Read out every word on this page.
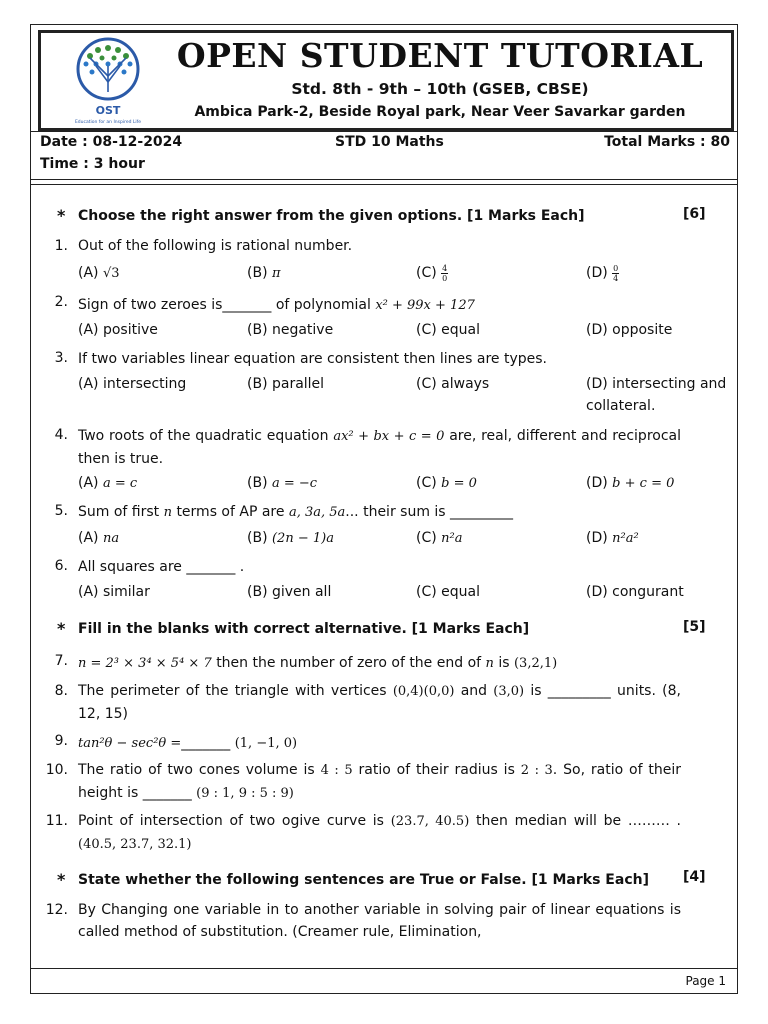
OST
Education for an Inspired Life
OPEN STUDENT TUTORIAL
Std. 8th - 9th – 10th (GSEB, CBSE)
Ambica Park-2, Beside Royal park, Near Veer Savarkar garden
Date : 08-12-2024	STD 10 Maths	Total Marks : 80
Time : 3 hour
* Choose the right answer from the given options. [1 Marks Each]	[6]
1. Out of the following is rational number.
(A) √3	(B) π	$(C) \frac{4}{0}$	$(D) \frac{0}{4}$
2. Sign of two zeroes is_______ of polynomial x² + 99x + 127
(A) positive	(B) negative	(C) equal	(D) opposite
3. If two variables linear equation are consistent then lines are types.
(A) intersecting	(B) parallel	(C) always	(D) intersecting and collateral.
4. Two roots of the quadratic equation ax² + bx + c = 0 are, real, different and reciprocal then is true.
(A) a = c	(B) a = −c	(C) b = 0	(D) b + c = 0
5. Sum of first n terms of AP are a, 3a, 5a... their sum is _________
(A) na	(B) (2n − 1)a	(C) n²a	(D) n²a²
6. All squares are _______ .
(A) similar	(B) given all	(C) equal	(D) congurant
* Fill in the blanks with correct alternative. [1 Marks Each]	[5]
7. n = 2³ × 3⁴ × 5⁴ × 7 then the number of zero of the end of n is (3,2,1)
8. The perimeter of the triangle with vertices (0,4)(0,0) and (3,0) is _________ units. (8, 12, 15)
9. tan²θ − sec²θ =_______ (1, −1, 0)
10. The ratio of two cones volume is 4 : 5 ratio of their radius is 2 : 3. So, ratio of their height is _______ (9 : 1, 9 : 5 : 9)
11. Point of intersection of two ogive curve is (23.7, 40.5) then median will be ……… . (40.5, 23.7, 32.1)
* State whether the following sentences are True or False. [1 Marks Each] [4]
12. By Changing one variable in to another variable in solving pair of linear equations is called method of substitution. (Creamer rule, Elimination,
Page 1
